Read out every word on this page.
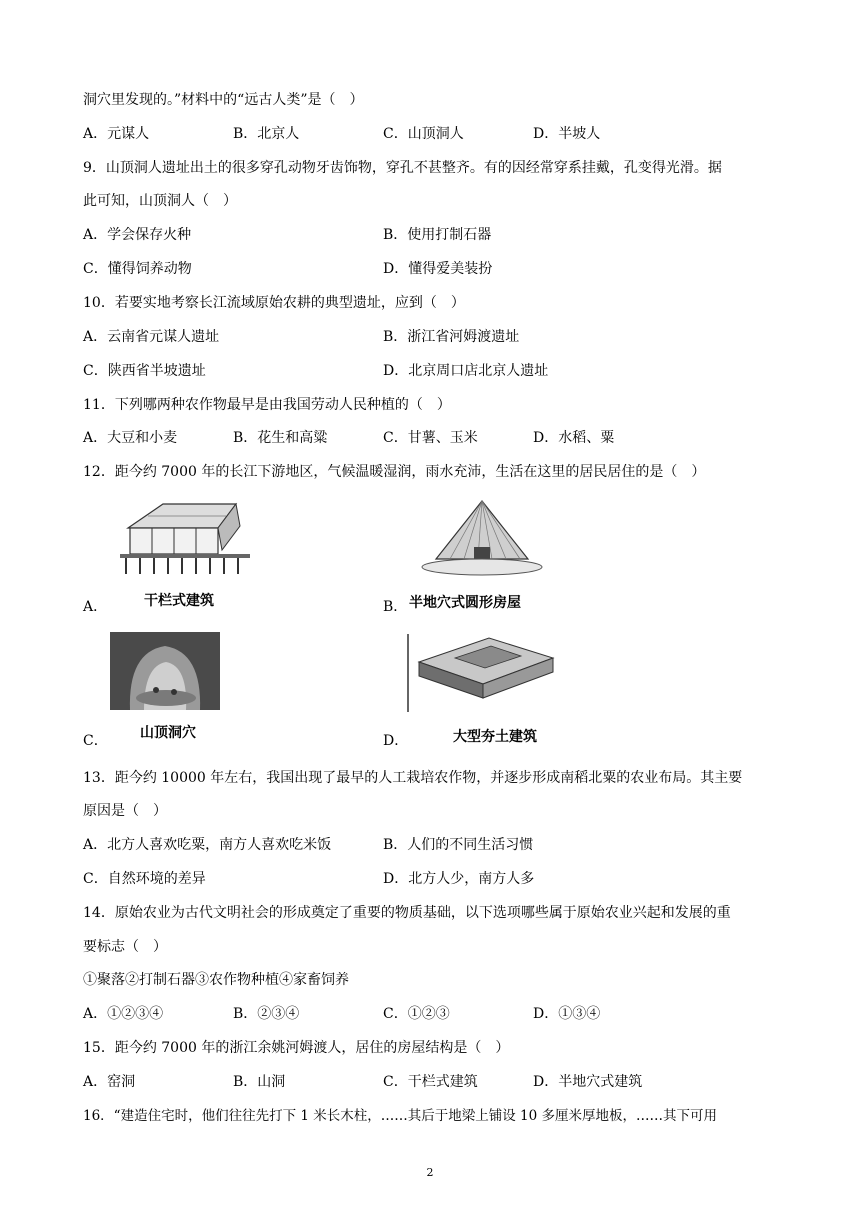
洞穴里发现的。”材料中的“远古人类”是（　）
A．元谋人	B．北京人	C．山顶洞人	D．半坡人
9．山顶洞人遗址出土的很多穿孔动物牙齿饰物，穿孔不甚整齐。有的因经常穿系挂戴，孔变得光滑。据
此可知，山顶洞人（　）
A．学会保存火种	B．使用打制石器
C．懂得饲养动物	D．懂得爱美装扮
10．若要实地考察长江流域原始农耕的典型遗址，应到（　）
A．云南省元谋人遗址	B．浙江省河姆渡遗址
C．陕西省半坡遗址	D．北京周口店北京人遗址
11．下列哪两种农作物最早是由我国劳动人民种植的（　）
A．大豆和小麦	B．花生和高粱	C．甘薯、玉米	D．水稻、粟
12．距今约 7000 年的长江下游地区，气候温暖湿润，雨水充沛，生活在这里的居民居住的是（　）
A．	干栏式建筑	B． 半地穴式圆形房屋
C． 山顶洞穴	D．	大型夯土建筑
13．距今约 10000 年左右，我国出现了最早的人工栽培农作物，并逐步形成南稻北粟的农业布局。其主要
原因是（　）
A．北方人喜欢吃粟，南方人喜欢吃米饭	B．人们的不同生活习惯
C．自然环境的差异	D．北方人少，南方人多
14．原始农业为古代文明社会的形成奠定了重要的物质基础，以下选项哪些属于原始农业兴起和发展的重
要标志（　）
①聚落②打制石器③农作物种植④家畜饲养
A．①②③④	B．②③④	C．①②③	D．①③④
15．距今约 7000 年的浙江余姚河姆渡人，居住的房屋结构是（　）
A．窑洞	B．山洞	C．干栏式建筑	D．半地穴式建筑
16．“建造住宅时，他们往往先打下 1 米长木柱，……其后于地梁上铺设 10 多厘米厚地板，……其下可用
2
